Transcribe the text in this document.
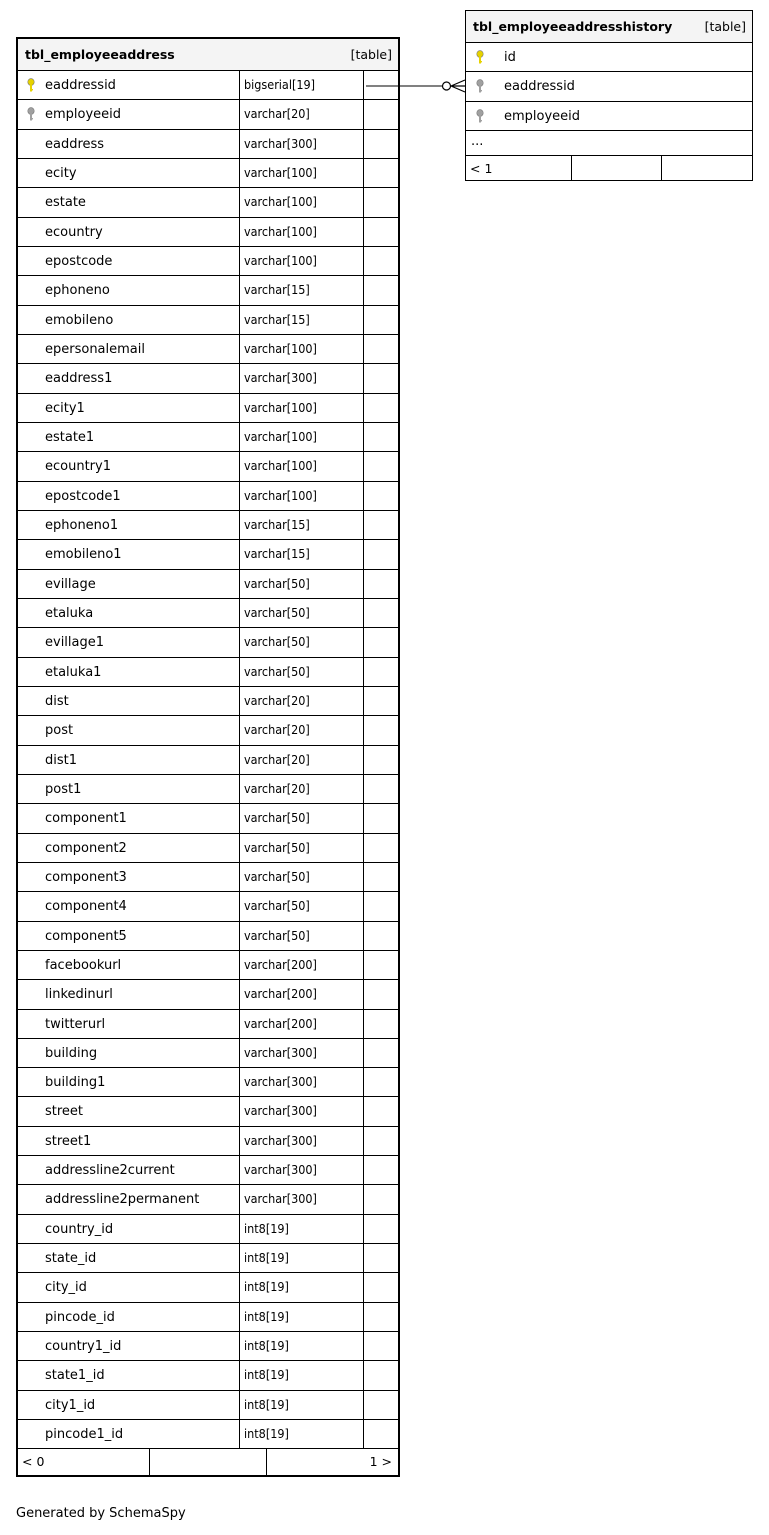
tbl_employeeaddress	[table]
eaddressid	bigserial[19]
employeeid	varchar[20]
eaddress	varchar[300]
ecity	varchar[100]
estate	varchar[100]
ecountry	varchar[100]
epostcode	varchar[100]
ephoneno	varchar[15]
emobileno	varchar[15]
epersonalemail	varchar[100]
eaddress1	varchar[300]
ecity1	varchar[100]
estate1	varchar[100]
ecountry1	varchar[100]
epostcode1	varchar[100]
ephoneno1	varchar[15]
emobileno1	varchar[15]
evillage	varchar[50]
etaluka	varchar[50]
evillage1	varchar[50]
etaluka1	varchar[50]
dist	varchar[20]
post	varchar[20]
dist1	varchar[20]
post1	varchar[20]
component1	varchar[50]
component2	varchar[50]
component3	varchar[50]
component4	varchar[50]
component5	varchar[50]
facebookurl	varchar[200]
linkedinurl	varchar[200]
twitterurl	varchar[200]
building	varchar[300]
building1	varchar[300]
street	varchar[300]
street1	varchar[300]
addressline2current	varchar[300]
addressline2permanent	varchar[300]
country_id	int8[19]
state_id	int8[19]
city_id	int8[19]
pincode_id	int8[19]
country1_id	int8[19]
state1_id	int8[19]
city1_id	int8[19]
pincode1_id	int8[19]
< 0	1 >
tbl_employeeaddresshistory	[table]
id
eaddressid
employeeid
...
< 1
Generated by SchemaSpy
